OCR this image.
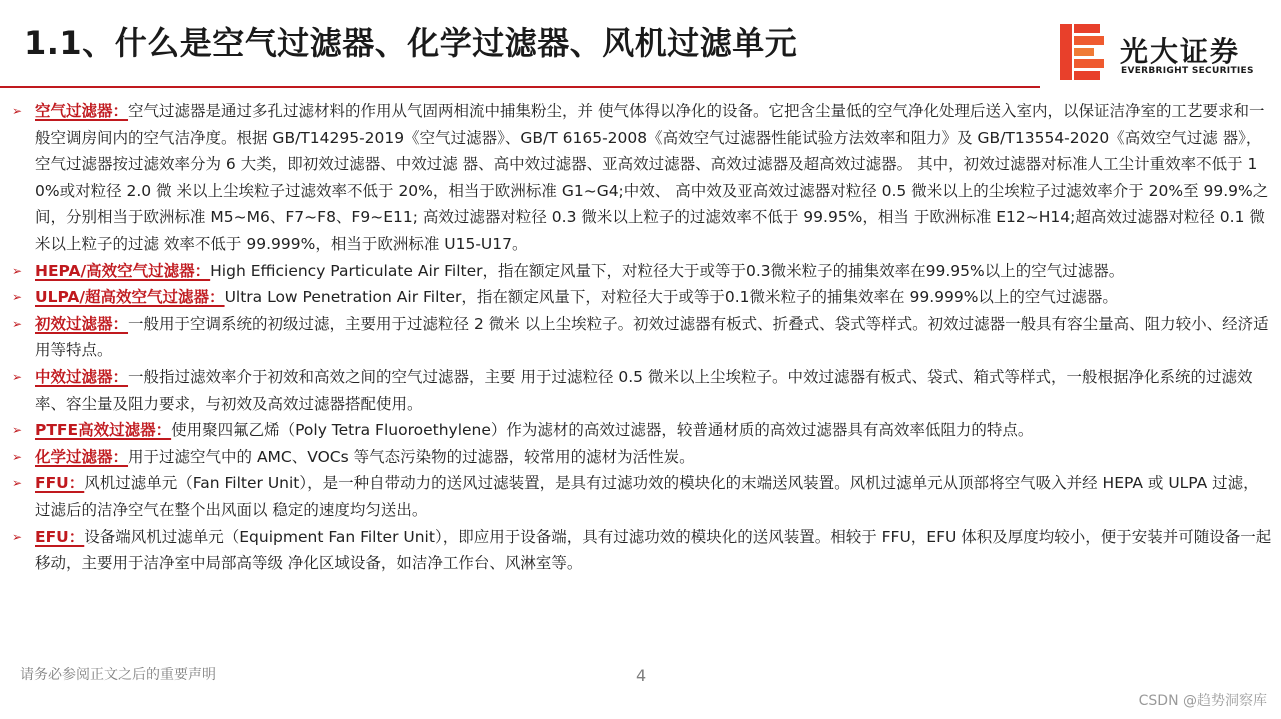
1.1、什么是空气过滤器、化学过滤器、风机过滤单元	光大证券
EVERBRIGHT SECURITIES
➢ 空气过滤器：空气过滤器是通过多孔过滤材料的作用从气固两相流中捕集粉尘，并 使气体得以净化的设备。它把含尘量低的空气净化处理后送入室内，以保证洁净室的工艺要求和一般空调房间内的空气洁净度。根据 GB/T14295-2019《空气过滤器》、GB/T 6165-2008《高效空气过滤器性能试验方法效率和阻力》及 GB/T13554-2020《高效空气过滤 器》，空气过滤器按过滤效率分为 6 大类，即初效过滤器、中效过滤 器、高中效过滤器、亚高效过滤器、高效过滤器及超高效过滤器。 其中，初效过滤器对标准人工尘计重效率不低于 10%或对粒径 2.0 微 米以上尘埃粒子过滤效率不低于 20%，相当于欧洲标准 G1~G4;中效、 高中效及亚高效过滤器对粒径 0.5 微米以上的尘埃粒子过滤效率介于 20%至 99.9%之间，分别相当于欧洲标准 M5~M6、F7~F8、F9~E11; 高效过滤器对粒径 0.3 微米以上粒子的过滤效率不低于 99.95%，相当 于欧洲标准 E12~H14;超高效过滤器对粒径 0.1 微米以上粒子的过滤 效率不低于 99.999%，相当于欧洲标准 U15-U17。
➢ HEPA/高效空气过滤器：High Efficiency Particulate Air Filter，指在额定风量下，对粒径大于或等于0.3微米粒子的捕集效率在99.95%以上的空气过滤器。
➢ ULPA/超高效空气过滤器：Ultra Low Penetration Air Filter，指在额定风量下，对粒径大于或等于0.1微米粒子的捕集效率在 99.999%以上的空气过滤器。
➢ 初效过滤器：一般用于空调系统的初级过滤，主要用于过滤粒径 2 微米 以上尘埃粒子。初效过滤器有板式、折叠式、袋式等样式。初效过滤器一般具有容尘量高、阻力较小、经济适用等特点。
➢ 中效过滤器：一般指过滤效率介于初效和高效之间的空气过滤器，主要 用于过滤粒径 0.5 微米以上尘埃粒子。中效过滤器有板式、袋式、箱式等样式，一般根据净化系统的过滤效率、容尘量及阻力要求，与初效及高效过滤器搭配使用。
➢ PTFE高效过滤器：使用聚四氟乙烯（Poly Tetra Fluoroethylene）作为滤材的高效过滤器，较普通材质的高效过滤器具有高效率低阻力的特点。
➢ 化学过滤器：用于过滤空气中的 AMC、VOCs 等气态污染物的过滤器，较常用的滤材为活性炭。
➢ FFU：风机过滤单元（Fan Filter Unit），是一种自带动力的送风过滤装置，是具有过滤功效的模块化的末端送风装置。风机过滤单元从顶部将空气吸入并经 HEPA 或 ULPA 过滤，过滤后的洁净空气在整个出风面以 稳定的速度均匀送出。
➢ EFU：设备端风机过滤单元（Equipment Fan Filter Unit），即应用于设备端，具有过滤功效的模块化的送风装置。相较于 FFU，EFU 体积及厚度均较小，便于安装并可随设备一起移动，主要用于洁净室中局部高等级 净化区域设备，如洁净工作台、风淋室等。
请务必参阅正文之后的重要声明	4
CSDN @趋势洞察库
